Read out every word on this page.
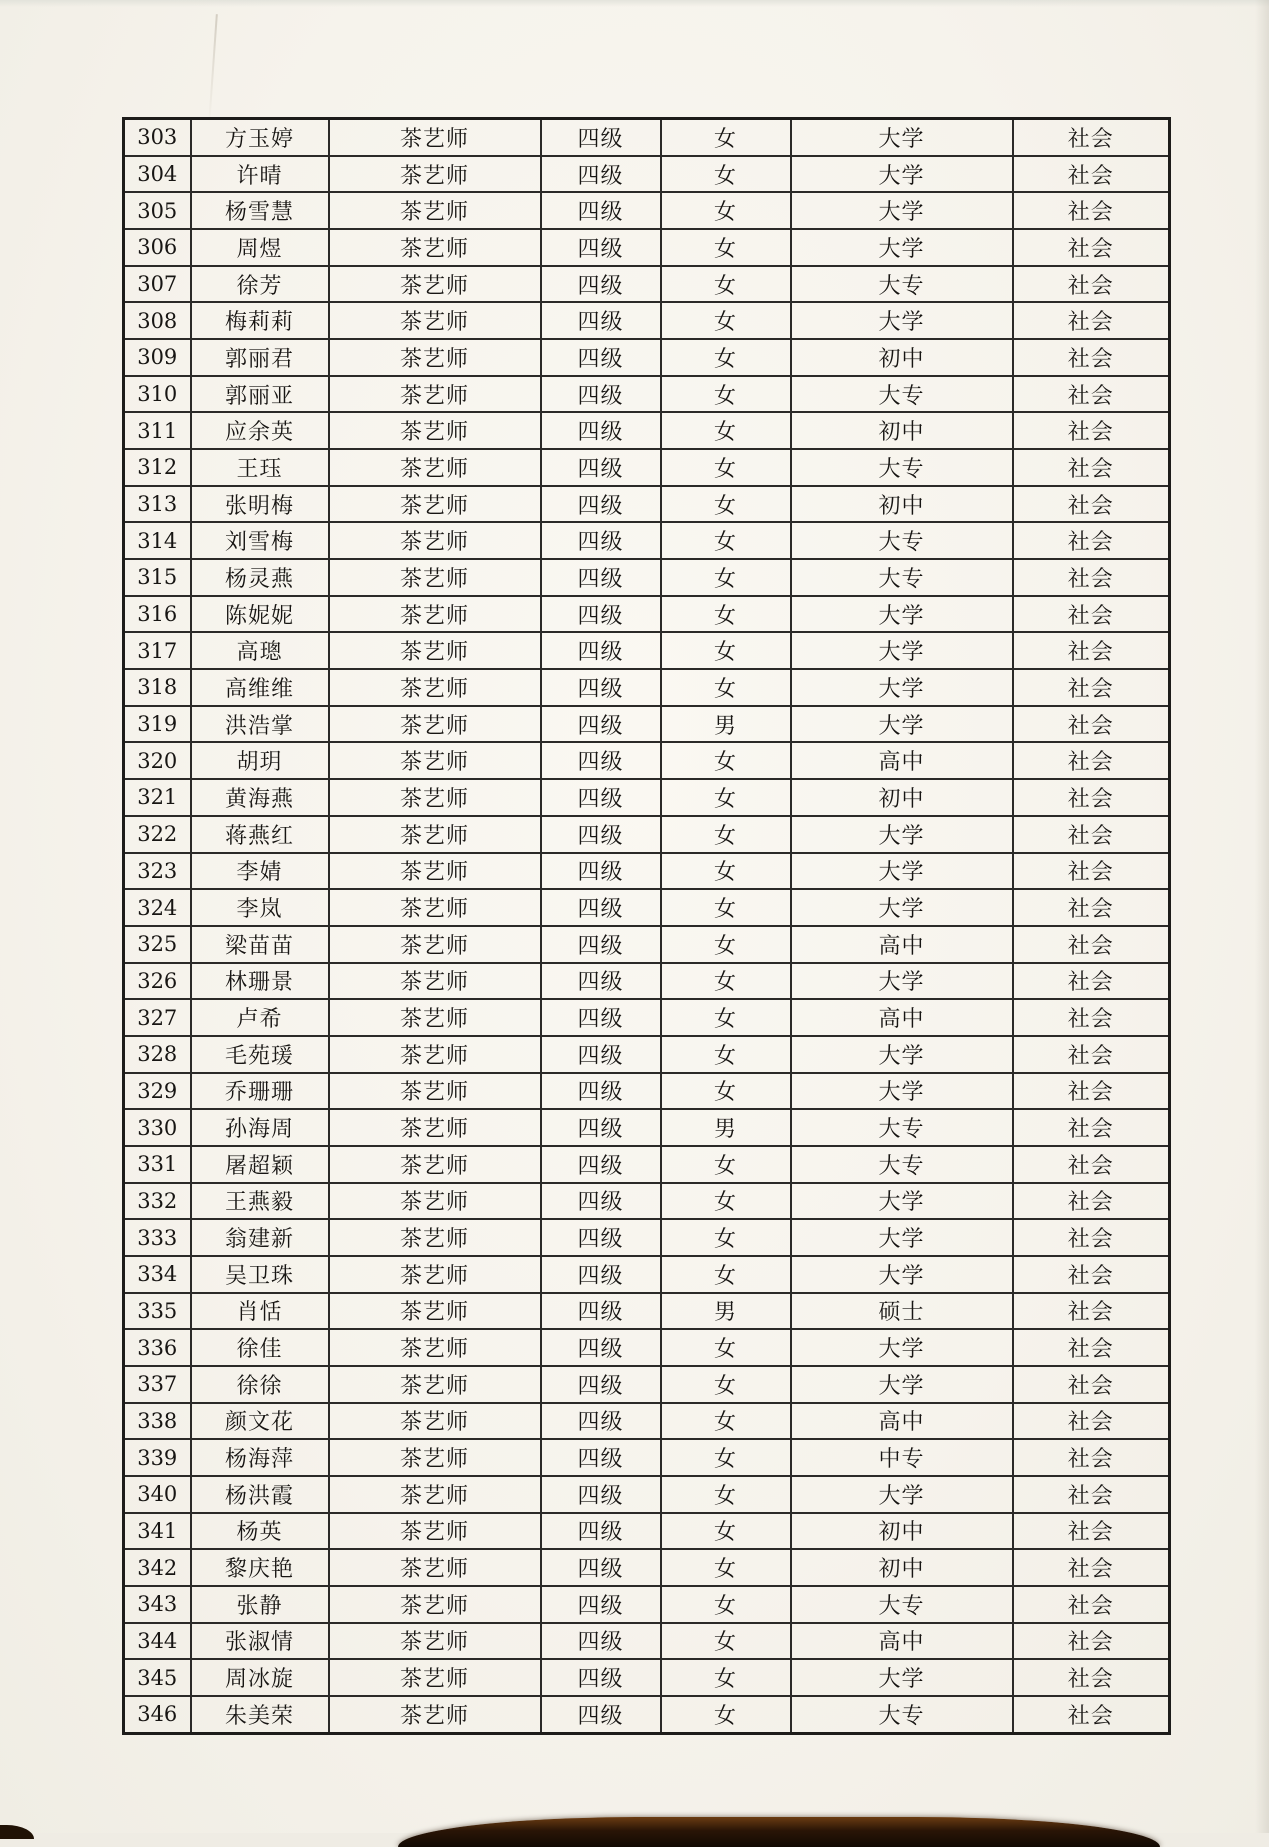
303	方玉婷	茶艺师	四级	女	大学	社会
304	许晴	茶艺师	四级	女	大学	社会
305	杨雪慧	茶艺师	四级	女	大学	社会
306	周煜	茶艺师	四级	女	大学	社会
307	徐芳	茶艺师	四级	女	大专	社会
308	梅莉莉	茶艺师	四级	女	大学	社会
309	郭丽君	茶艺师	四级	女	初中	社会
310	郭丽亚	茶艺师	四级	女	大专	社会
311	应余英	茶艺师	四级	女	初中	社会
312	王珏	茶艺师	四级	女	大专	社会
313	张明梅	茶艺师	四级	女	初中	社会
314	刘雪梅	茶艺师	四级	女	大专	社会
315	杨灵燕	茶艺师	四级	女	大专	社会
316	陈妮妮	茶艺师	四级	女	大学	社会
317	高璁	茶艺师	四级	女	大学	社会
318	高维维	茶艺师	四级	女	大学	社会
319	洪浩掌	茶艺师	四级	男	大学	社会
320	胡玥	茶艺师	四级	女	高中	社会
321	黄海燕	茶艺师	四级	女	初中	社会
322	蒋燕红	茶艺师	四级	女	大学	社会
323	李婧	茶艺师	四级	女	大学	社会
324	李岚	茶艺师	四级	女	大学	社会
325	梁苗苗	茶艺师	四级	女	高中	社会
326	林珊景	茶艺师	四级	女	大学	社会
327	卢希	茶艺师	四级	女	高中	社会
328	毛苑瑗	茶艺师	四级	女	大学	社会
329	乔珊珊	茶艺师	四级	女	大学	社会
330	孙海周	茶艺师	四级	男	大专	社会
331	屠超颖	茶艺师	四级	女	大专	社会
332	王燕毅	茶艺师	四级	女	大学	社会
333	翁建新	茶艺师	四级	女	大学	社会
334	吴卫珠	茶艺师	四级	女	大学	社会
335	肖恬	茶艺师	四级	男	硕士	社会
336	徐佳	茶艺师	四级	女	大学	社会
337	徐徐	茶艺师	四级	女	大学	社会
338	颜文花	茶艺师	四级	女	高中	社会
339	杨海萍	茶艺师	四级	女	中专	社会
340	杨洪霞	茶艺师	四级	女	大学	社会
341	杨英	茶艺师	四级	女	初中	社会
342	黎庆艳	茶艺师	四级	女	初中	社会
343	张静	茶艺师	四级	女	大专	社会
344	张淑情	茶艺师	四级	女	高中	社会
345	周冰旋	茶艺师	四级	女	大学	社会
346	朱美荣	茶艺师	四级	女	大专	社会
